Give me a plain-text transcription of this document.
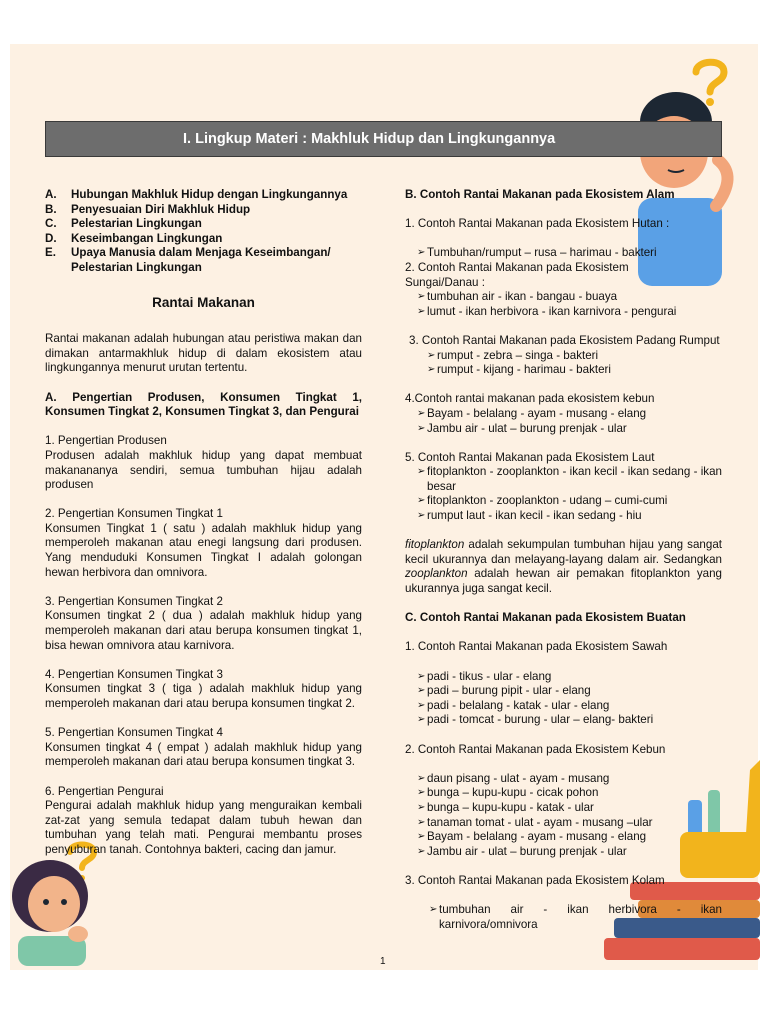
I. Lingkup Materi : Makhluk Hidup dan Lingkungannya
A.	Hubungan Makhluk Hidup dengan Lingkungannya
B.	Penyesuaian Diri Makhluk Hidup
C.	Pelestarian Lingkungan
D.	Keseimbangan Lingkungan
E.	Upaya Manusia dalam Menjaga Keseimbangan/ Pelestarian Lingkungan
Rantai Makanan

Rantai makanan adalah hubungan atau peristiwa makan dan dimakan antarmakhluk hidup di dalam ekosistem atau lingkungannya menurut urutan tertentu.

A. Pengertian Produsen, Konsumen Tingkat 1, Konsumen Tingkat 2, Konsumen Tingkat 3, dan Pengurai

1. Pengertian Produsen

Produsen adalah makhluk hidup yang dapat membuat makanananya sendiri, semua tumbuhan hijau adalah produsen

2. Pengertian Konsumen Tingkat 1

Konsumen Tingkat 1 ( satu ) adalah makhluk hidup yang memperoleh makanan atau enegi langsung dari produsen. Yang menduduki Konsumen Tingkat I adalah golongan hewan herbivora dan omnivora.

3. Pengertian Konsumen Tingkat 2

Konsumen tingkat 2 ( dua ) adalah makhluk hidup yang memperoleh makanan dari atau berupa konsumen tingkat 1, bisa hewan omnivora atau karnivora.

4. Pengertian Konsumen Tingkat 3

Konsumen tingkat 3 ( tiga ) adalah makhluk hidup yang memperoleh makanan dari atau berupa konsumen tingkat 2.

5. Pengertian Konsumen Tingkat 4

Konsumen tingkat 4 ( empat ) adalah makhluk hidup yang memperoleh makanan dari atau berupa konsumen tingkat 3.

6. Pengertian Pengurai

Pengurai adalah makhluk hidup yang menguraikan kembali zat-zat yang semula tedapat dalam tubuh hewan dan tumbuhan yang telah mati. Pengurai membantu proses penyuburan tanah. Contohnya bakteri, cacing dan jamur.

B. Contoh Rantai Makanan pada Ekosistem Alam

1. Contoh Rantai Makanan pada Ekosistem Hutan :

➢ Tumbuhan/rumput – rusa – harimau - bakteri

2. Contoh Rantai Makanan pada Ekosistem Sungai/Danau :

➢ tumbuhan air - ikan - bangau - buaya
➢ lumut - ikan herbivora - ikan karnivora - pengurai

3. Contoh Rantai Makanan pada Ekosistem Padang Rumput

➢ rumput - zebra – singa - bakteri
➢ rumput - kijang - harimau - bakteri

4.Contoh rantai makanan pada ekosistem kebun

➢ Bayam - belalang - ayam - musang - elang
➢ Jambu air - ulat – burung prenjak - ular

5. Contoh Rantai Makanan pada Ekosistem Laut

➢ fitoplankton - zooplankton - ikan kecil - ikan sedang - ikan besar
➢ fitoplankton - zooplankton - udang – cumi-cumi
➢ rumput laut - ikan kecil - ikan sedang - hiu

fitoplankton adalah sekumpulan tumbuhan hijau yang sangat kecil ukurannya dan melayang-layang dalam air. Sedangkan zooplankton adalah hewan air pemakan fitoplankton yang ukurannya juga sangat kecil.

C. Contoh Rantai Makanan pada Ekosistem Buatan

1. Contoh Rantai Makanan pada Ekosistem Sawah

➢ padi - tikus - ular - elang
➢ padi – burung pipit - ular - elang
➢ padi - belalang - katak - ular - elang
➢ padi - tomcat - burung - ular – elang- bakteri

2. Contoh Rantai Makanan pada Ekosistem Kebun

➢ daun pisang - ulat - ayam - musang
➢ bunga – kupu-kupu - cicak pohon
➢ bunga – kupu-kupu - katak - ular
➢ tanaman tomat - ulat - ayam - musang –ular
➢ Bayam - belalang - ayam - musang - elang
➢ Jambu air - ulat – burung prenjak - ular

3. Contoh Rantai Makanan pada Ekosistem Kolam

➢ tumbuhan air - ikan herbivora - ikan karnivora/omnivora
1
